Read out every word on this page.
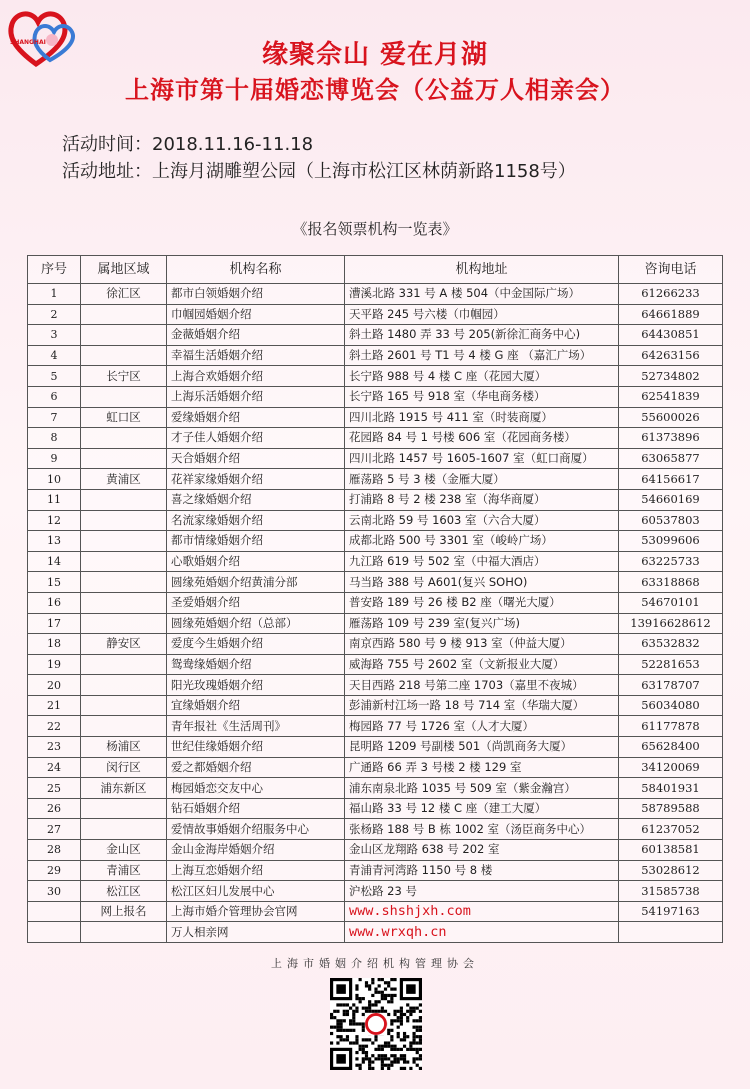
SHANGHAI	缘聚佘山 爱在月湖
上海市第十届婚恋博览会（公益万人相亲会）
活动时间：2018.11.16-11.18
活动地址：上海月湖雕塑公园（上海市松江区林荫新路1158号）
《报名领票机构一览表》
序号	属地区域	机构名称	机构地址	咨询电话
1	徐汇区	都市白领婚姻介绍	漕溪北路 331 号 A 楼 504（中金国际广场）	61266233
2		巾帼园婚姻介绍	天平路 245 号六楼（巾帼园）	64661889
3		金薇婚姻介绍	斜土路 1480 弄 33 号 205(新徐汇商务中心)	64430851
4		幸福生活婚姻介绍	斜土路 2601 号 T1 号 4 楼 G 座 （嘉汇广场）	64263156
5	长宁区	上海合欢婚姻介绍	长宁路 988 号 4 楼 C 座（花园大厦）	52734802
6		上海乐活婚姻介绍	长宁路 165 号 918 室（华电商务楼）	62541839
7	虹口区	爱缘婚姻介绍	四川北路 1915 号 411 室（时装商厦）	55600026
8		才子佳人婚姻介绍	花园路 84 号 1 号楼 606 室（花园商务楼）	61373896
9		天合婚姻介绍	四川北路 1457 号 1605-1607 室（虹口商厦）	63065877
10	黄浦区	花祥家缘婚姻介绍	雁荡路 5 号 3 楼（金雁大厦）	64156617
11		喜之缘婚姻介绍	打浦路 8 号 2 楼 238 室（海华商厦）	54660169
12		名流家缘婚姻介绍	云南北路 59 号 1603 室（六合大厦）	60537803
13		都市情缘婚姻介绍	成都北路 500 号 3301 室（峻岭广场）	53099606
14		心歌婚姻介绍	九江路 619 号 502 室（中福大酒店）	63225733
15		圆缘苑婚姻介绍黄浦分部	马当路 388 号 A601(复兴 SOHO)	63318868
16		圣爱婚姻介绍	普安路 189 号 26 楼 B2 座（曙光大厦）	54670101
17		圆缘苑婚姻介绍（总部）	雁荡路 109 号 239 室(复兴广场)	13916628612
18	静安区	爱度今生婚姻介绍	南京西路 580 号 9 楼 913 室（仲益大厦）	63532832
19		鸳鸯缘婚姻介绍	威海路 755 号 2602 室（文新报业大厦）	52281653
20		阳光玫瑰婚姻介绍	天目西路 218 号第二座 1703（嘉里不夜城）	63178707
21		宜缘婚姻介绍	彭浦新村江场一路 18 号 714 室（华瑞大厦）	56034080
22		青年报社《生活周刊》	梅园路 77 号 1726 室（人才大厦）	61177878
23	杨浦区	世纪佳缘婚姻介绍	昆明路 1209 号副楼 501（尚凯商务大厦）	65628400
24	闵行区	爱之都婚姻介绍	广通路 66 弄 3 号楼 2 楼 129 室	34120069
25	浦东新区	梅园婚恋交友中心	浦东南泉北路 1035 号 509 室（紫金瀚宫）	58401931
26		钻石婚姻介绍	福山路 33 号 12 楼 C 座（建工大厦）	58789588
27		爱情故事婚姻介绍服务中心	张杨路 188 号 B 栋 1002 室（汤臣商务中心）	61237052
28	金山区	金山金海岸婚姻介绍	金山区龙翔路 638 号 202 室	60138581
29	青浦区	上海互恋婚姻介绍	青浦青河湾路 1150 号 8 楼	53028612
30	松江区	松江区妇儿发展中心	沪松路 23 号	31585738
	网上报名	上海市婚介管理协会官网	www.shshjxh.com	54197163
		万人相亲网	www.wrxqh.cn	
上海市婚姻介绍机构管理协会
